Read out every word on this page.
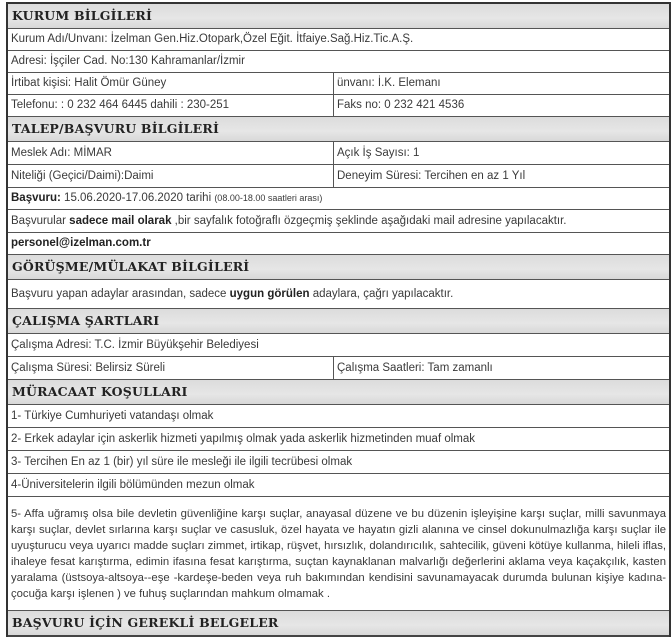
KURUM BİLGİLERİ
Kurum Adı/Unvanı: İzelman Gen.Hiz.Otopark,Özel Eğit. İtfaiye.Sağ.Hiz.Tic.A.Ş.
Adresi: İşçiler Cad. No:130 Kahramanlar/İzmir
İrtibat kişisi: Halit Ömür Güney	ünvanı: İ.K. Elemanı
Telefonu: : 0 232 464 6445 dahili : 230-251	Faks no: 0 232 421 4536
TALEP/BAŞVURU BİLGİLERİ
Meslek Adı: MİMAR	Açık İş Sayısı: 1
Niteliği (Geçici/Daimi):Daimi	Deneyim Süresi: Tercihen en az 1 Yıl
Başvuru: 15.06.2020-17.06.2020 tarihi (08.00-18.00 saatleri arası)
Başvurular sadece mail olarak ,bir sayfalık fotoğraflı özgeçmiş şeklinde aşağıdaki mail adresine yapılacaktır.
personel@izelman.com.tr
GÖRÜŞME/MÜLAKAT BİLGİLERİ
Başvuru yapan adaylar arasından, sadece uygun görülen adaylara, çağrı yapılacaktır.
ÇALIŞMA ŞARTLARI
Çalışma Adresi: T.C. İzmir Büyükşehir Belediyesi
Çalışma Süresi: Belirsiz Süreli	Çalışma Saatleri: Tam zamanlı
MÜRACAAT KOŞULLARI
1- Türkiye Cumhuriyeti vatandaşı olmak
2- Erkek adaylar için askerlik hizmeti yapılmış olmak yada askerlik hizmetinden muaf olmak
3- Tercihen En az 1 (bir) yıl süre ile mesleği ile ilgili tecrübesi olmak
4-Üniversitelerin ilgili bölümünden mezun olmak
5- Affa uğramış olsa bile devletin güvenliğine karşı suçlar, anayasal düzene ve bu düzenin işleyişine karşı suçlar, milli savunmaya karşı suçlar, devlet sırlarına karşı suçlar ve casusluk, özel hayata ve hayatın gizli alanına ve cinsel dokunulmazlığa karşı suçlar ile uyuşturucu veya uyarıcı madde suçları zimmet, irtikap, rüşvet, hırsızlık, dolandırıcılık, sahtecilik, güveni kötüye kullanma, hileli iflas, ihaleye fesat karıştırma, edimin ifasına fesat karıştırma, suçtan kaynaklanan malvarlığı değerlerini aklama veya kaçakçılık, kasten yaralama (üstsoya-altsoya--eşe -kardeşe-beden veya ruh bakımından kendisini savunamayacak durumda bulunan kişiye kadına- çocuğa karşı işlenen ) ve fuhuş suçlarından mahkum olmamak .
BAŞVURU İÇİN GEREKLİ BELGELER
